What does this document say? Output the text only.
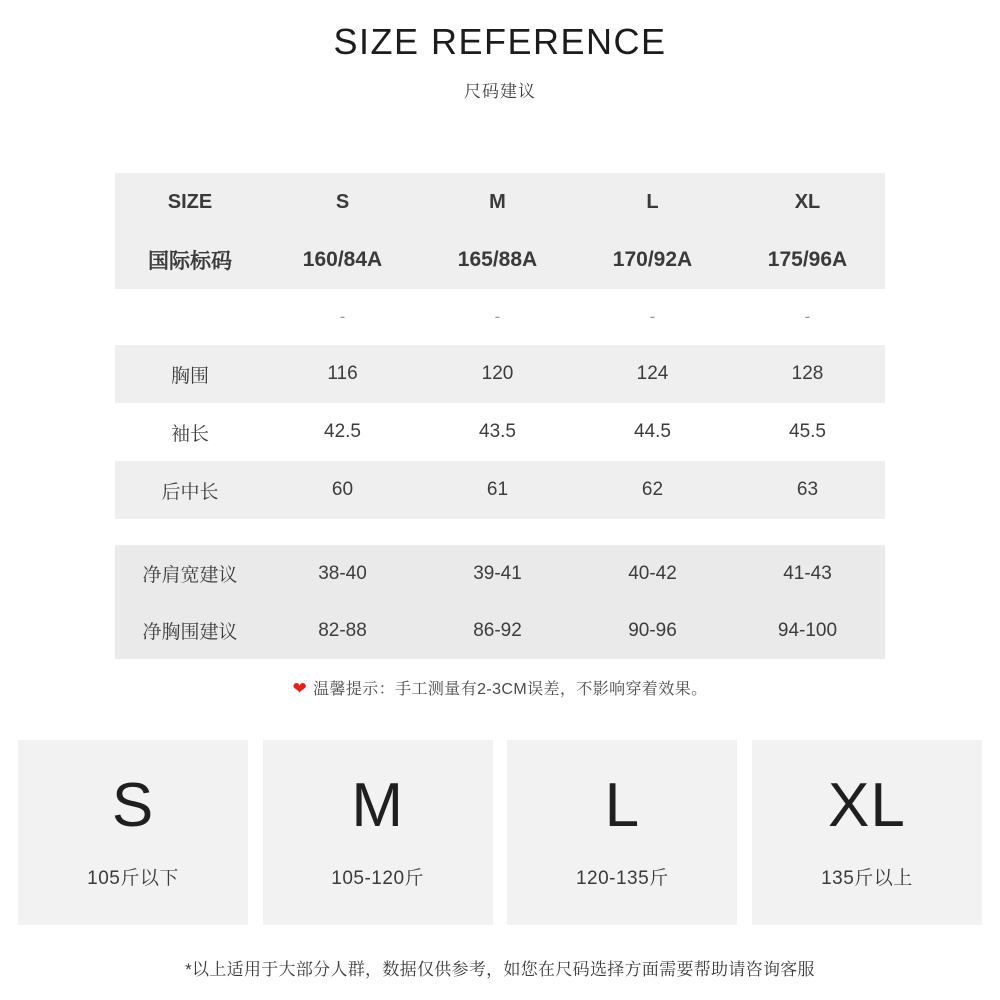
SIZE REFERENCE
尺码建议
SIZE	S	M	L	XL
国际标码	160/84A	165/88A	170/92A	175/96A
	-	-	-	-
胸围	116	120	124	128
袖长	42.5	43.5	44.5	45.5
后中长	60	61	62	63

净肩宽建议	38-40	39-41	40-42	41-43
净胸围建议	82-88	86-92	90-96	94-100
❤ 温馨提示：手工测量有2-3CM误差，不影响穿着效果。
S
105斤以下
M
105-120斤
L
120-135斤
XL
135斤以上
*以上适用于大部分人群，数据仅供参考，如您在尺码选择方面需要帮助请咨询客服
